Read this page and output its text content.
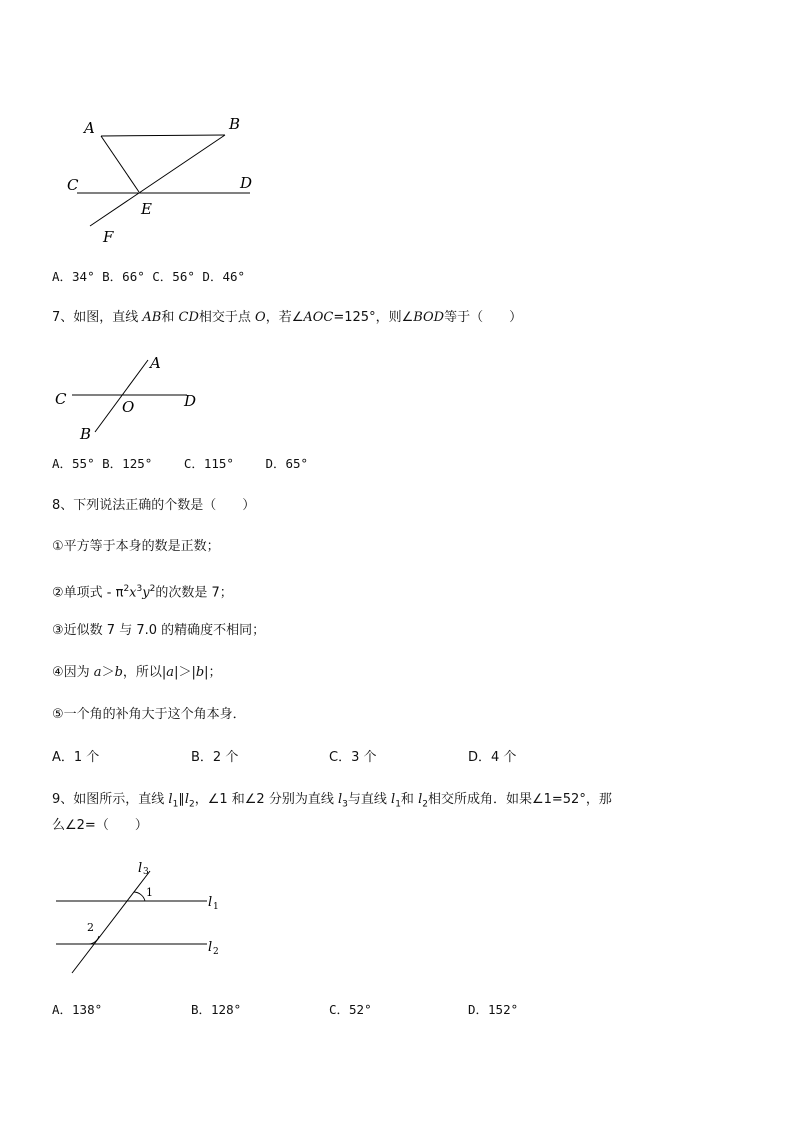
A	B
C	D
E
F
A．34° B．66° C．56° D．46°
7、如图，直线 AB和 CD相交于点 O，若∠AOC=125°，则∠BOD等于（　　）
A
C	O	D
B
A．55° B．125°	C．115°	D．65°
8、下列说法正确的个数是（　　）
①平方等于本身的数是正数；
②单项式 - $\pi^2x^3y^2$的次数是 7；
③近似数 7 与 7.0 的精确度不相同；
④因为 a＞b，所以|a|＞|b|；
⑤一个角的补角大于这个角本身．
A．1 个	B．2 个	C．3 个	D．4 个
9、如图所示，直线 $l_1\parallel l_2$，∠1 和∠2 分别为直线 $l_3$与直线 $l_1$和 $l_2$相交所成角．如果∠1=52°，那
么∠2=（　　）
1
2
l 3
l 1
l 2
A．138°	B．128°	C．52°	D．152°
